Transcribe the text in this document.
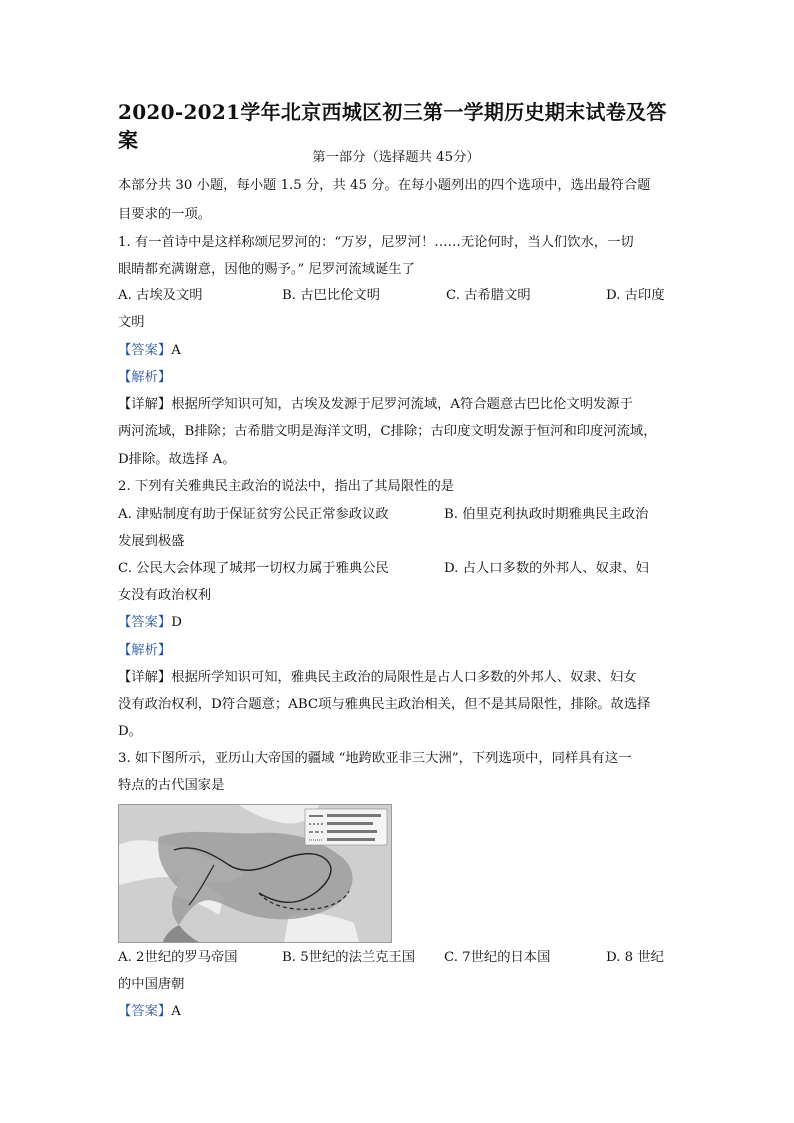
2020-2021学年北京西城区初三第一学期历史期末试卷及答
案
第一部分（选择题共 45分）
本部分共 30 小题，每小题 1.5 分，共 45 分。在每小题列出的四个选项中，选出最符合题
目要求的一项。
1. 有一首诗中是这样称颂尼罗河的：“万岁，尼罗河！……无论何时，当人们饮水，一切
眼睛都充满谢意，因他的赐予。” 尼罗河流域诞生了
A. 古埃及文明	B. 古巴比伦文明	C. 古希腊文明	D. 古印度
文明
【答案】A
【解析】
【详解】根据所学知识可知，古埃及发源于尼罗河流域，A符合题意古巴比伦文明发源于
两河流域，B排除；古希腊文明是海洋文明，C排除；古印度文明发源于恒河和印度河流域，
D排除。故选择 A。
2. 下列有关雅典民主政治的说法中，指出了其局限性的是
A. 津贴制度有助于保证贫穷公民正常参政议政	B. 伯里克利执政时期雅典民主政治
发展到极盛
C. 公民大会体现了城邦一切权力属于雅典公民	D. 占人口多数的外邦人、奴隶、妇
女没有政治权利
【答案】D
【解析】
【详解】根据所学知识可知，雅典民主政治的局限性是占人口多数的外邦人、奴隶、妇女
没有政治权利，D符合题意；ABC项与雅典民主政治相关，但不是其局限性，排除。故选择
D。
3. 如下图所示，亚历山大帝国的疆域 “地跨欧亚非三大洲”，下列选项中，同样具有这一
特点的古代国家是
A. 2世纪的罗马帝国	B. 5世纪的法兰克王国 C. 7世纪的日本国	D. 8 世纪
的中国唐朝
【答案】A
